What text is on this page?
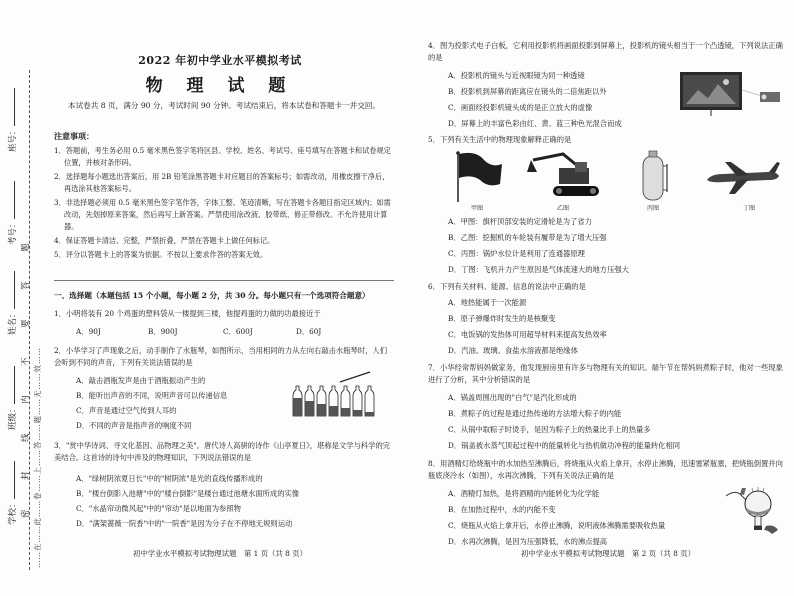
……在……此……卷……上……答……题……无……效……
学校：
班级：
姓名：
考号：
座号：
密
封
线
内
不
要
答
题
2022 年初中学业水平模拟考试
物 理 试 题
本试卷共 8 页，满分 90 分，考试时间 90 分钟。考试结束后，将本试卷和答题卡一并交回。
注意事项：
1．答题前，考生务必用 0.5 毫米黑色签字笔将区县、学校、姓名、考试号、座号填写在答题卡和试卷规定位置，并核对条形码。
2．选择题每小题选出答案后，用 2B 铅笔涂黑答题卡对应题目的答案标号；如需改动，用橡皮擦干净后，再选涂其他答案标号。
3．非选择题必须用 0.5 毫米黑色签字笔作答，字体工整、笔迹清晰，写在答题卡各题目指定区域内；如需改动，先划掉原来答案，然后再写上新答案。严禁使用涂改液、胶带纸、修正带修改。不允许使用计算器。
4．保证答题卡清洁、完整，严禁折叠，严禁在答题卡上做任何标记。
5．评分以答题卡上的答案为依据。不按以上要求作答的答案无效。
一、选择题（本题包括 15 个小题，每小题 2 分，共 30 分。每小题只有一个选项符合题意）
1．小明将装有 20 个鸡蛋的塑料袋从一楼提到三楼，他提鸡蛋的力做的功最接近于
A．90J	B．900J	C．600J	D．60J
2．小华学习了声现象之后，动手制作了水瓶琴，如图所示，当用相同的力从左向右敲击水瓶琴时，人们会听到不同的声音，下列有关说法错误的是
A．敲击酒瓶发声是由于酒瓶振动产生的
B．能听出声音的不同，说明声音可以传递信息
C．声音是通过空气传到人耳的
D．不同的声音是指声音的响度不同
3．"赏中华诗词、寻文化基因、品物理之美"。唐代诗人高骈的诗作《山亭夏日》，堪称是文学与科学的完美结合。这首诗的诗句中涉及的物理知识，下列说法错误的是
A．"绿树阴浓夏日长"中的"树阴浓"是光的直线传播形成的
B．"楼台倒影入池塘"中的"楼台倒影"是楼台通过池塘水面所成的实像
C．"水晶帘动微风起"中的"帘动"是以地面为参照物
D．"满架蔷薇一院香"中的"一院香"是因为分子在不停地无规则运动
初中学业水平模拟考试物理试题　第 1 页（共 8 页）
4．图为投影式电子白板，它利用投影机将画面投影到屏幕上，投影机的镜头相当于一个凸透镜，下列说法正确的是
A．投影机的镜头与近视眼镜为同一种透镜
B．投影机到屏幕的距离应在镜头的二倍焦距以外
C．画面经投影机镜头成的是正立放大的虚像
D．屏幕上的丰富色彩由红、黄、蓝三种色光混合而成
5．下列有关生活中的物理现象解释正确的是
甲图	乙图	丙图	丁图
A．甲图：旗杆顶部安装的定滑轮是为了省力
B．乙图：挖掘机的车轮装有履带是为了增大压强
C．丙图：锅炉水位计是利用了连通器原理
D．丁图：飞机升力产生原因是气体流速大的地方压强大
6．下列有关材料、能源、信息的说法中正确的是
A．地热能属于一次能源
B．原子弹爆炸时发生的是核聚变
C．电饭锅的发热体可用超导材料来提高发热效率
D．汽油、玻璃、食盐水溶液都是绝缘体
7．小华经常帮妈妈做家务，他发现厨房里有许多与物理有关的知识。端午节在帮妈妈煮粽子时，他对一些现象进行了分析，其中分析错误的是
A．锅盖周围出现的"白气"是汽化形成的
B．煮粽子的过程是通过热传递的方法增大粽子的内能
C．从锅中取粽子时烫手，是因为粽子上的热量比手上的热量多
D．锅盖被水蒸气顶起过程中的能量转化与热机做功冲程的能量转化相同
8．用酒精灯给烧瓶中的水加热至沸腾后，将烧瓶从火焰上拿开，水停止沸腾，迅速塞紧瓶塞，把烧瓶倒置并向瓶底浇冷水（如图），水再次沸腾，下列有关说法正确的是
A．酒精灯加热，是将酒精的内能转化为化学能
B．在加热过程中，水的内能不变
C．烧瓶从火焰上拿开后，水停止沸腾，说明液体沸腾需要吸收热量
D．水再次沸腾，是因为压强降低，水的沸点提高
初中学业水平模拟考试物理试题　第 2 页（共 8 页）
